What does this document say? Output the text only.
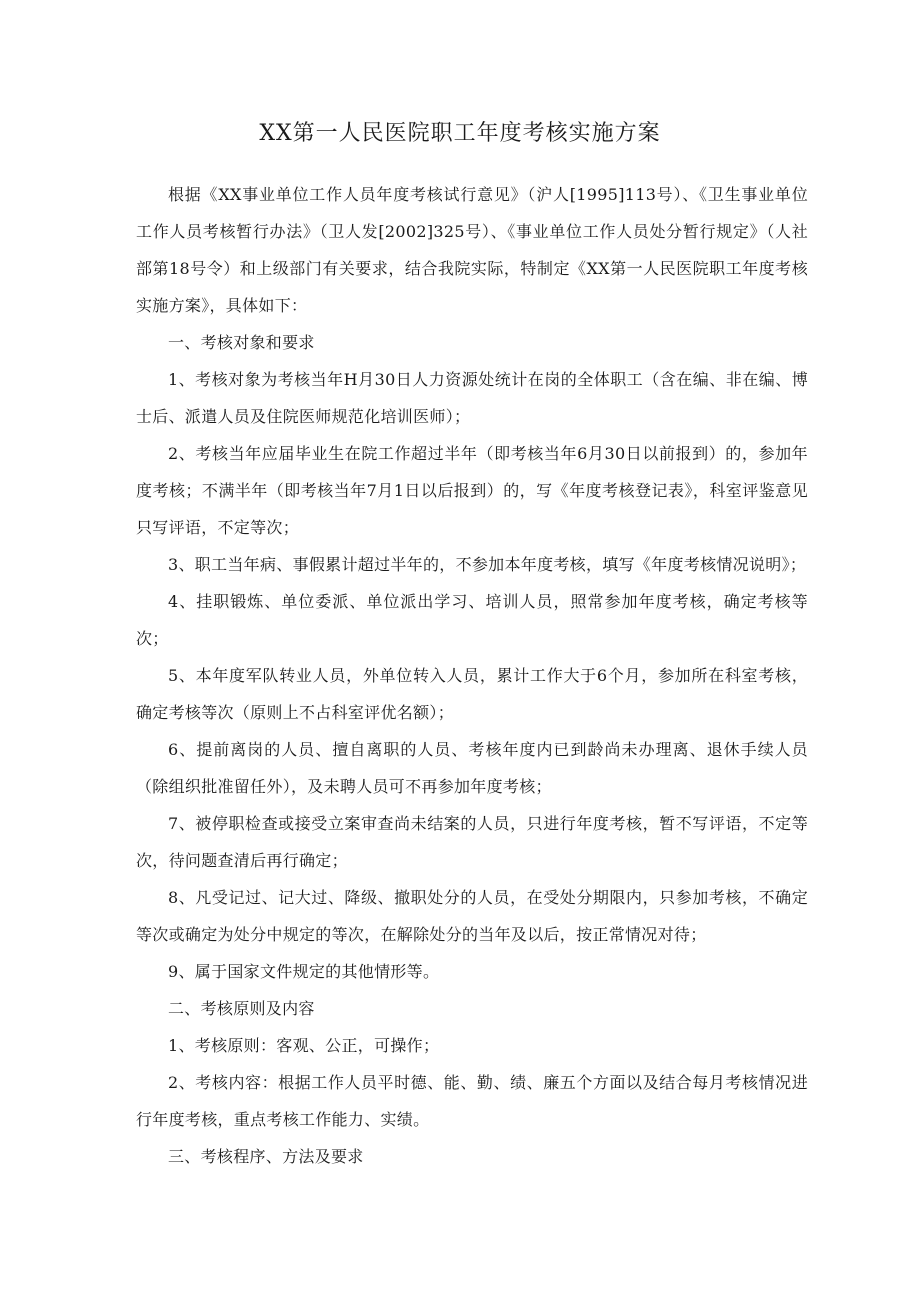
XX第一人民医院职工年度考核实施方案

根据《XX事业单位工作人员年度考核试行意见》（沪人[1995]113号）、《卫生事业单位工作人员考核暂行办法》（卫人发[2002]325号）、《事业单位工作人员处分暂行规定》（人社部第18号令）和上级部门有关要求，结合我院实际，特制定《XX第一人民医院职工年度考核实施方案》，具体如下：

一、考核对象和要求

1、考核对象为考核当年H月30日人力资源处统计在岗的全体职工（含在编、非在编、博士后、派遣人员及住院医师规范化培训医师）；

2、考核当年应届毕业生在院工作超过半年（即考核当年6月30日以前报到）的，参加年度考核；不满半年（即考核当年7月1日以后报到）的，写《年度考核登记表》，科室评鉴意见只写评语，不定等次；

3、职工当年病、事假累计超过半年的，不参加本年度考核，填写《年度考核情况说明》；

4、挂职锻炼、单位委派、单位派出学习、培训人员，照常参加年度考核，确定考核等次；

5、本年度军队转业人员，外单位转入人员，累计工作大于6个月，参加所在科室考核，确定考核等次（原则上不占科室评优名额）；

6、提前离岗的人员、擅自离职的人员、考核年度内已到龄尚未办理离、退休手续人员（除组织批准留任外），及未聘人员可不再参加年度考核；

7、被停职检查或接受立案审查尚未结案的人员，只进行年度考核，暂不写评语，不定等次，待问题查清后再行确定；

8、凡受记过、记大过、降级、撤职处分的人员，在受处分期限内，只参加考核，不确定等次或确定为处分中规定的等次，在解除处分的当年及以后，按正常情况对待；

9、属于国家文件规定的其他情形等。

二、考核原则及内容

1、考核原则：客观、公正，可操作；

2、考核内容：根据工作人员平时德、能、勤、绩、廉五个方面以及结合每月考核情况进行年度考核，重点考核工作能力、实绩。

三、考核程序、方法及要求
